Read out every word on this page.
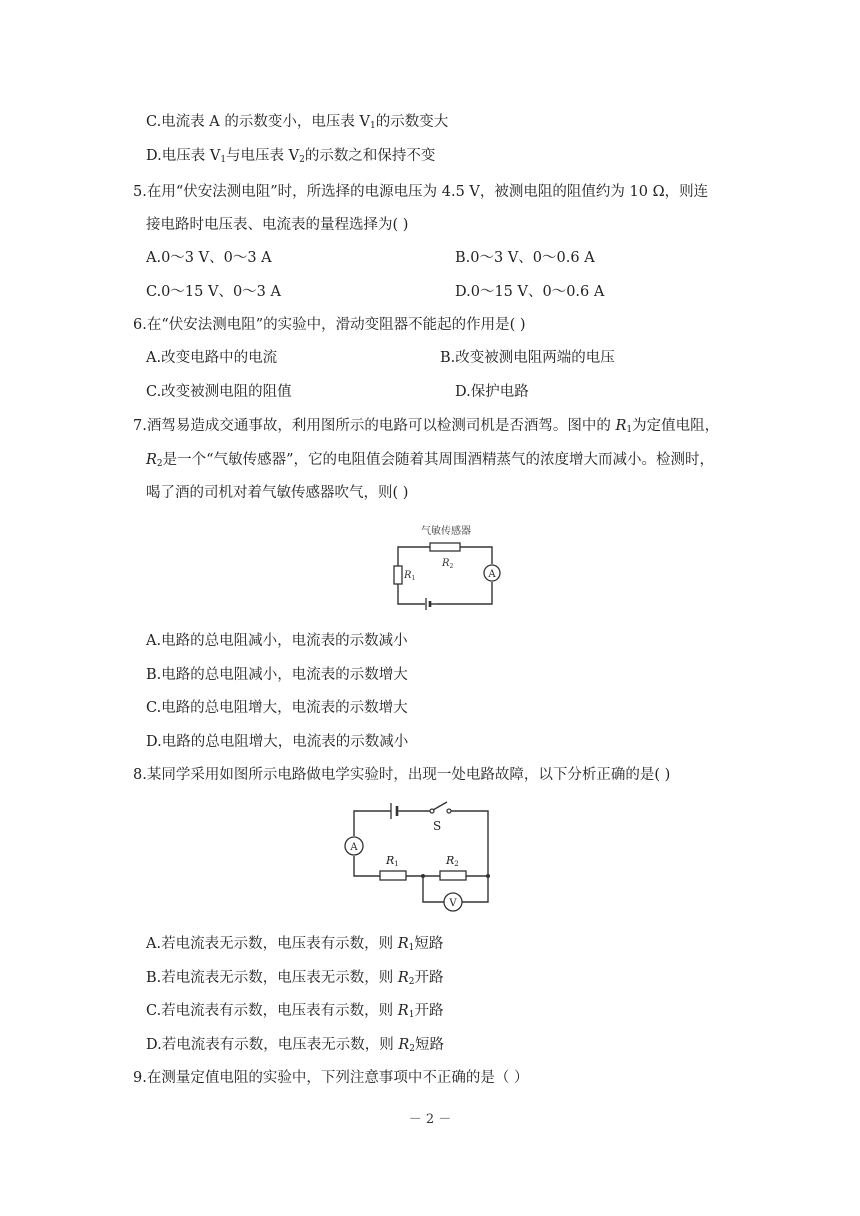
C.电流表 A 的示数变小，电压表 $V_1$的示数变大
D.电压表 $V_1$与电压表 $V_2$的示数之和保持不变
5.在用“伏安法测电阻”时，所选择的电源电压为 4.5 V，被测电阻的阻值约为 10 Ω，则连
接电路时电压表、电流表的量程选择为( )
A.0～3 V、0～3 A	B.0～3 V、0～0.6 A
C.0～15 V、0～3 A	D.0～15 V、0～0.6 A
6.在“伏安法测电阻”的实验中，滑动变阻器不能起的作用是( )
A.改变电路中的电流	B.改变被测电阻两端的电压
C.改变被测电阻的阻值	D.保护电路
7.酒驾易造成交通事故，利用图所示的电路可以检测司机是否酒驾。图中的 $R_1$为定值电阻，
$R_2$是一个“气敏传感器”，它的电阻值会随着其周围酒精蒸气的浓度增大而减小。检测时，
喝了酒的司机对着气敏传感器吹气，则( )
A
气敏传感器
$R_2$
$R_1$
A.电路的总电阻减小，电流表的示数减小
B.电路的总电阻减小，电流表的示数增大
C.电路的总电阻增大，电流表的示数增大
D.电路的总电阻增大，电流表的示数减小
8.某同学采用如图所示电路做电学实验时，出现一处电路故障，以下分析正确的是( )
S
A
R1	R2
V
A.若电流表无示数，电压表有示数，则 $R_1$短路
B.若电流表无示数，电压表无示数，则 $R_2$开路
C.若电流表有示数，电压表有示数，则 $R_1$开路
D.若电流表有示数，电压表无示数，则 $R_2$短路
9.在测量定值电阻的实验中，下列注意事项中不正确的是（ ）
－ 2 －
